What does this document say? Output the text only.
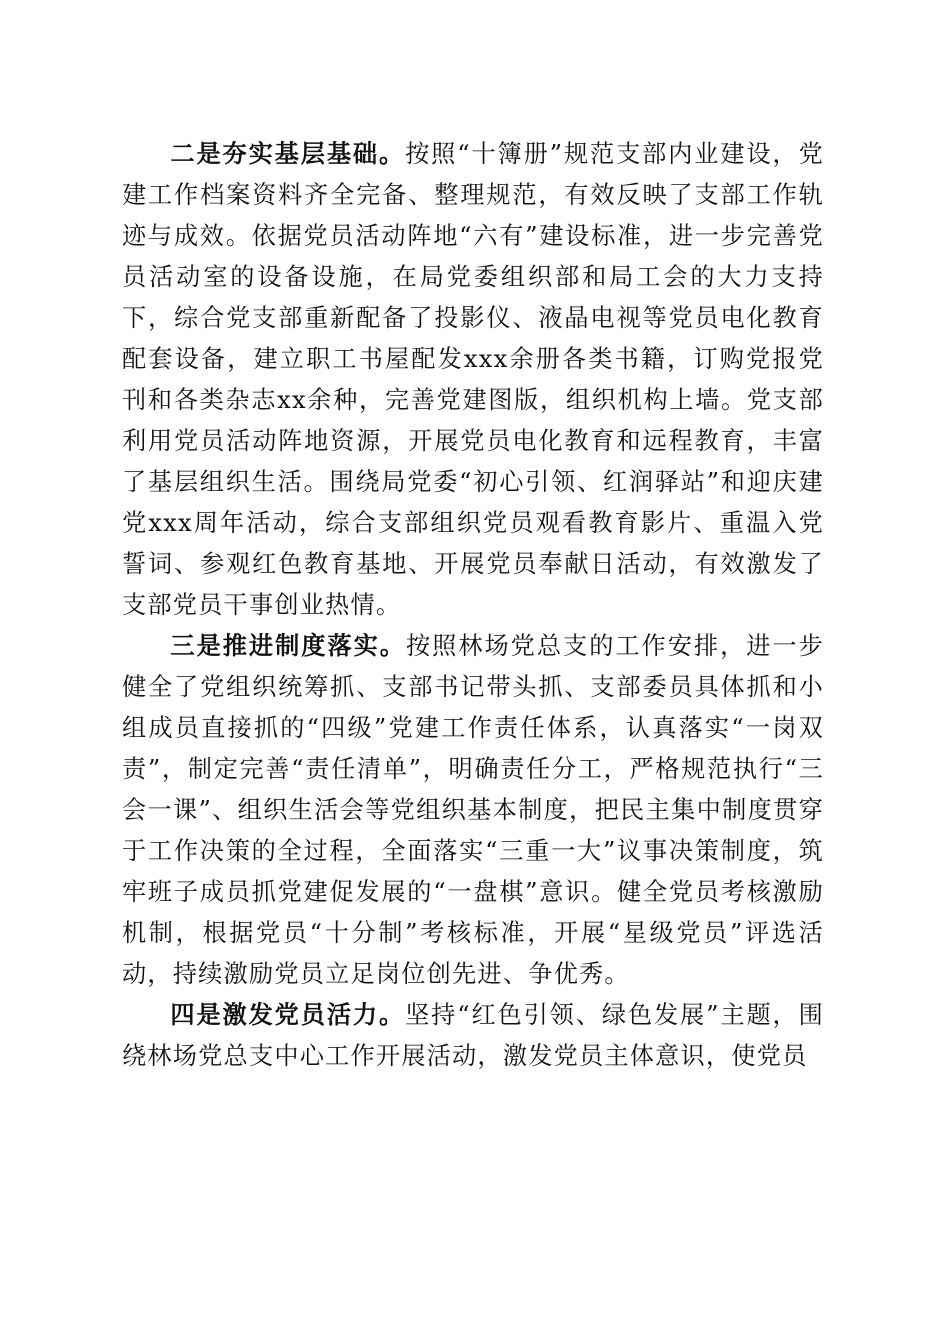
二是夯实基层基础。按照“十簿册”规范支部内业建设，党建工作档案资料齐全完备、整理规范，有效反映了支部工作轨迹与成效。依据党员活动阵地“六有”建设标准，进一步完善党员活动室的设备设施，在局党委组织部和局工会的大力支持下，综合党支部重新配备了投影仪、液晶电视等党员电化教育配套设备，建立职工书屋配发xxx余册各类书籍，订购党报党刊和各类杂志xx余种，完善党建图版，组织机构上墙。党支部利用党员活动阵地资源，开展党员电化教育和远程教育，丰富了基层组织生活。围绕局党委“初心引领、红润驿站”和迎庆建党xxx周年活动，综合支部组织党员观看教育影片、重温入党誓词、参观红色教育基地、开展党员奉献日活动，有效激发了支部党员干事创业热情。

三是推进制度落实。按照林场党总支的工作安排，进一步健全了党组织统筹抓、支部书记带头抓、支部委员具体抓和小组成员直接抓的“四级”党建工作责任体系，认真落实“一岗双责”，制定完善“责任清单”，明确责任分工，严格规范执行“三会一课”、组织生活会等党组织基本制度，把民主集中制度贯穿于工作决策的全过程，全面落实“三重一大”议事决策制度，筑牢班子成员抓党建促发展的“一盘棋”意识。健全党员考核激励机制，根据党员“十分制”考核标准，开展“星级党员”评选活动，持续激励党员立足岗位创先进、争优秀。

四是激发党员活力。坚持“红色引领、绿色发展”主题，围绕林场党总支中心工作开展活动，激发党员主体意识，使党员
